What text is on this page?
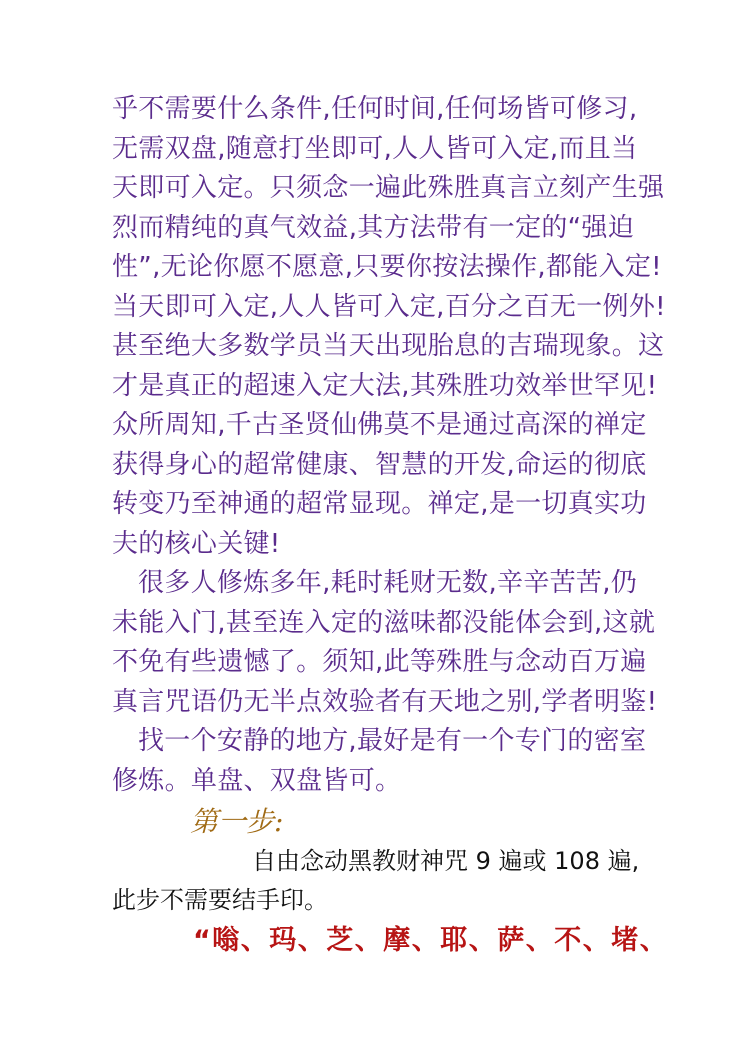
乎不需要什么条件,任何时间,任何场皆可修习,
无需双盘,随意打坐即可,人人皆可入定,而且当
天即可入定。只须念一遍此殊胜真言立刻产生强
烈而精纯的真气效益,其方法带有一定的“强迫
性”,无论你愿不愿意,只要你按法操作,都能入定!
当天即可入定,人人皆可入定,百分之百无一例外!
甚至绝大多数学员当天出现胎息的吉瑞现象。这
才是真正的超速入定大法,其殊胜功效举世罕见!
众所周知,千古圣贤仙佛莫不是通过高深的禅定
获得身心的超常健康、智慧的开发,命运的彻底
转变乃至神通的超常显现。禅定,是一切真实功
夫的核心关键!
很多人修炼多年,耗时耗财无数,辛辛苦苦,仍
未能入门,甚至连入定的滋味都没能体会到,这就
不免有些遗憾了。须知,此等殊胜与念动百万遍
真言咒语仍无半点效验者有天地之别,学者明鉴!
找一个安静的地方,最好是有一个专门的密室
修炼。单盘、双盘皆可。
第一步:
自由念动黑教财神咒 9 遍或 108 遍,
此步不需要结手印。
“嗡、玛、芝、摩、耶、萨、不、堵、
